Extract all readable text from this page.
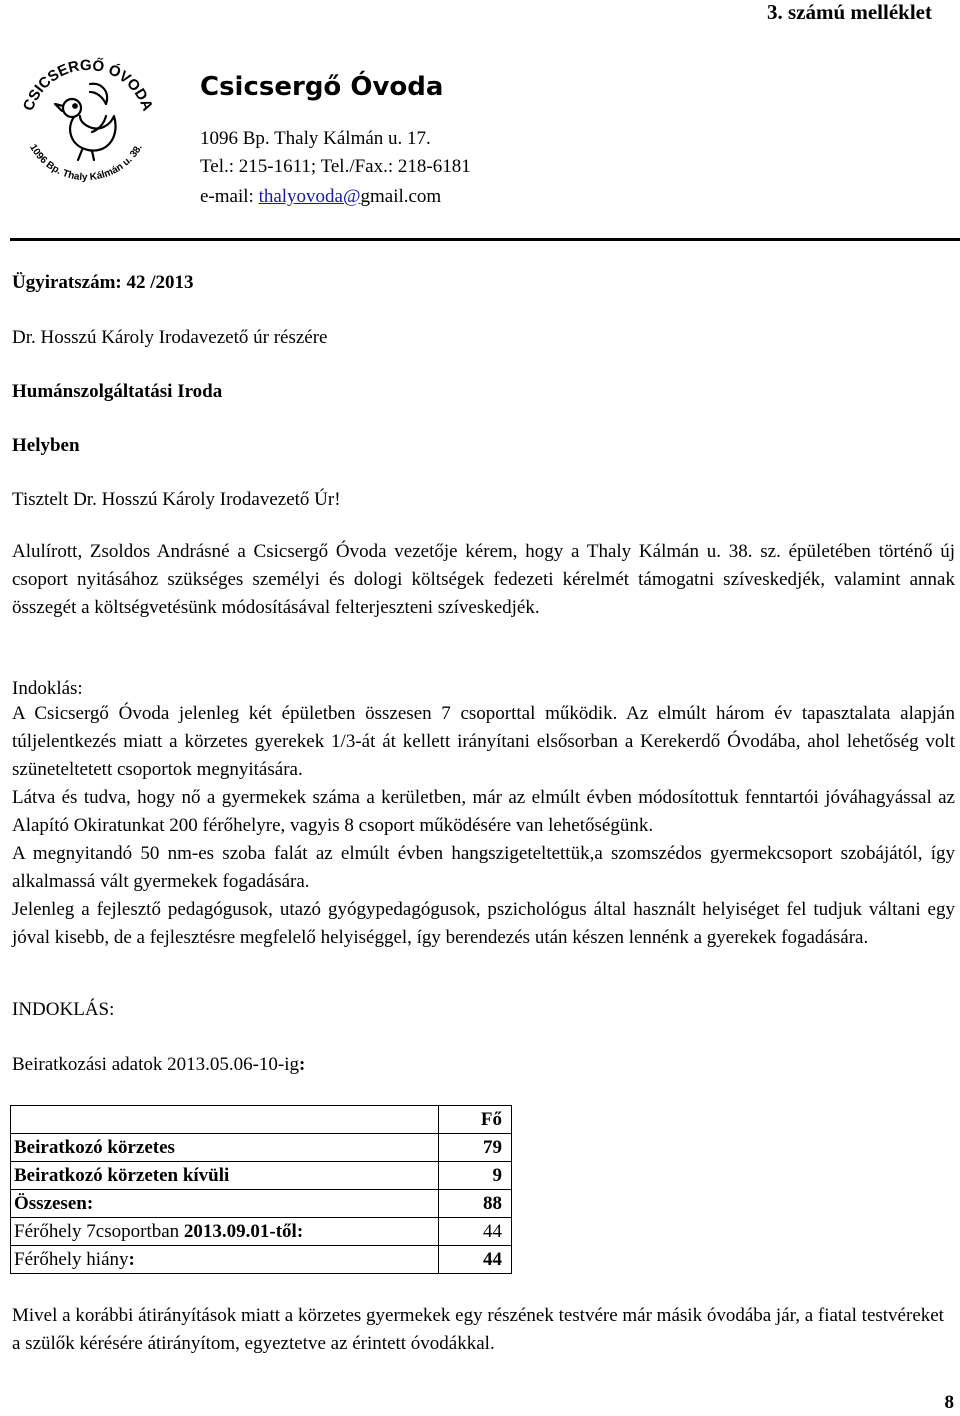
3. számú melléklet
CSICSERGŐ ÓVODA
1096 Bp. Thaly Kálmán u. 38.
Csicsergő Óvoda
1096 Bp. Thaly Kálmán u. 17.
Tel.: 215-1611; Tel./Fax.: 218-6181
e-mail: thalyovoda@gmail.com
Ügyiratszám: 42 /2013
Dr. Hosszú Károly Irodavezető úr részére
Humánszolgáltatási Iroda
Helyben
Tisztelt Dr. Hosszú Károly Irodavezető Úr!

Alulírott, Zsoldos Andrásné a Csicsergő Óvoda vezetője kérem, hogy a Thaly Kálmán u. 38. sz. épületében történő új csoport nyitásához szükséges személyi és dologi költségek fedezeti kérelmét támogatni szíveskedjék, valamint annak összegét a költségvetésünk módosításával felterjeszteni szíveskedjék.

Indoklás:

A Csicsergő Óvoda jelenleg két épületben összesen 7 csoporttal működik. Az elmúlt három év tapasztalata alapján túljelentkezés miatt a körzetes gyerekek 1/3-át át kellett irányítani elsősorban a Kerekerdő Óvodába, ahol lehetőség volt szüneteltetett csoportok megnyitására.

Látva és tudva, hogy nő a gyermekek száma a kerületben, már az elmúlt évben módosítottuk fenntartói jóváhagyással az Alapító Okiratunkat 200 férőhelyre, vagyis 8 csoport működésére van lehetőségünk.

A megnyitandó 50 nm-es szoba falát az elmúlt évben hangszigeteltettük,a szomszédos gyermekcsoport szobájától, így alkalmassá vált gyermekek fogadására.

Jelenleg a fejlesztő pedagógusok, utazó gyógypedagógusok, pszichológus által használt helyiséget fel tudjuk váltani egy jóval kisebb, de a fejlesztésre megfelelő helyiséggel, így berendezés után készen lennénk a gyerekek fogadására.

INDOKLÁS:
Beiratkozási adatok 2013.05.06-10-ig:
	Fő
Beiratkozó körzetes	79
Beiratkozó körzeten kívüli	9
Összesen:	88
Férőhely 7csoportban 2013.09.01-től:	44
Férőhely hiány:	44

Mivel a korábbi átirányítások miatt a körzetes gyermekek egy részének testvére már másik óvodába jár, a fiatal testvéreket a szülők kérésére átirányítom, egyeztetve az érintett óvodákkal.

8
